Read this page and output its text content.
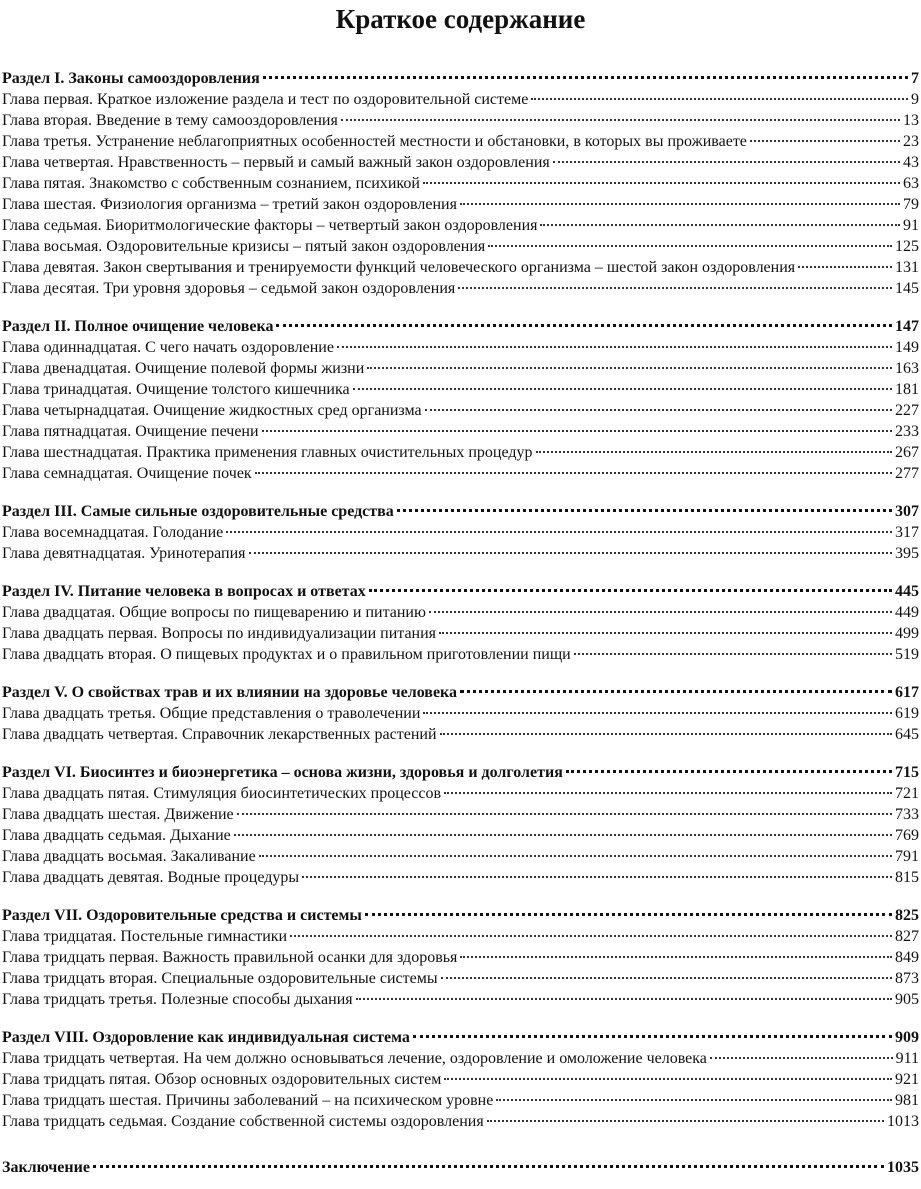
Краткое содержание
Раздел I. Законы самооздоровления	7
Глава первая. Краткое изложение раздела и тест по оздоровительной системе	9
Глава вторая. Введение в тему самооздоровления	13
Глава третья. Устранение неблагоприятных особенностей местности и обстановки, в которых вы проживаете	23
Глава четвертая. Нравственность – первый и самый важный закон оздоровления	43
Глава пятая. Знакомство с собственным сознанием, психикой	63
Глава шестая. Физиология организма – третий закон оздоровления	79
Глава седьмая. Биоритмологические факторы – четвертый закон оздоровления	91
Глава восьмая. Оздоровительные кризисы – пятый закон оздоровления	125
Глава девятая. Закон свертывания и тренируемости функций человеческого организма – шестой закон оздоровления	131
Глава десятая. Три уровня здоровья – седьмой закон оздоровления	145
Раздел II. Полное очищение человека	147
Глава одиннадцатая. С чего начать оздоровление	149
Глава двенадцатая. Очищение полевой формы жизни	163
Глава тринадцатая. Очищение толстого кишечника	181
Глава четырнадцатая. Очищение жидкостных сред организма	227
Глава пятнадцатая. Очищение печени	233
Глава шестнадцатая. Практика применения главных очистительных процедур	267
Глава семнадцатая. Очищение почек	277
Раздел III. Самые сильные оздоровительные средства	307
Глава восемнадцатая. Голодание	317
Глава девятнадцатая. Уринотерапия	395
Раздел IV. Питание человека в вопросах и ответах	445
Глава двадцатая. Общие вопросы по пищеварению и питанию	449
Глава двадцать первая. Вопросы по индивидуализации питания	499
Глава двадцать вторая. О пищевых продуктах и о правильном приготовлении пищи	519
Раздел V. О свойствах трав и их влиянии на здоровье человека	617
Глава двадцать третья. Общие представления о траволечении	619
Глава двадцать четвертая. Справочник лекарственных растений	645
Раздел VI. Биосинтез и биоэнергетика – основа жизни, здоровья и долголетия	715
Глава двадцать пятая. Стимуляция биосинтетических процессов	721
Глава двадцать шестая. Движение	733
Глава двадцать седьмая. Дыхание	769
Глава двадцать восьмая. Закаливание	791
Глава двадцать девятая. Водные процедуры	815
Раздел VII. Оздоровительные средства и системы	825
Глава тридцатая. Постельные гимнастики	827
Глава тридцать первая. Важность правильной осанки для здоровья	849
Глава тридцать вторая. Специальные оздоровительные системы	873
Глава тридцать третья. Полезные способы дыхания	905
Раздел VIII. Оздоровление как индивидуальная система	909
Глава тридцать четвертая. На чем должно основываться лечение, оздоровление и омоложение человека	911
Глава тридцать пятая. Обзор основных оздоровительных систем	921
Глава тридцать шестая. Причины заболеваний – на психическом уровне	981
Глава тридцать седьмая. Создание собственной системы оздоровления	1013
Заключение	1035
